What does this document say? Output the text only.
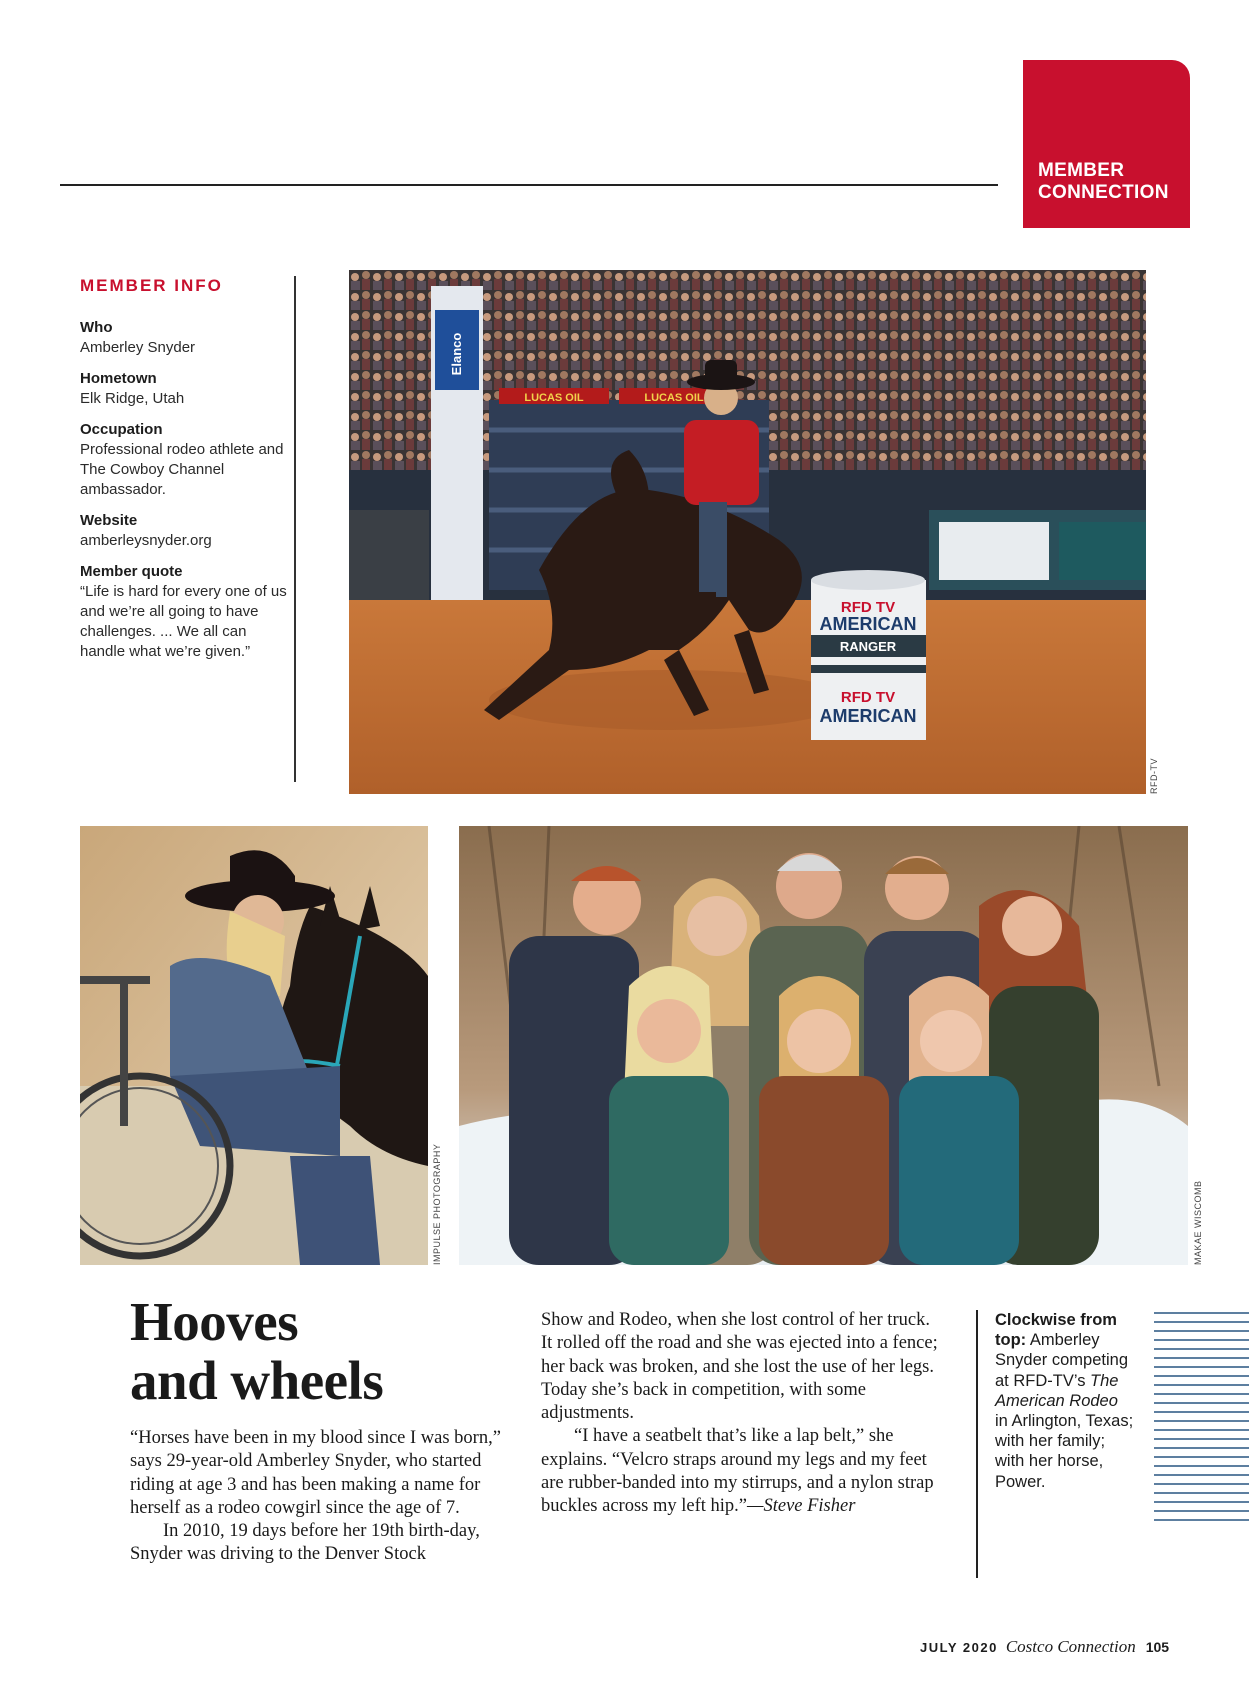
MEMBER
CONNECTION
MEMBER INFO
Who
Amberley Snyder
Hometown
Elk Ridge, Utah
Occupation
Professional rodeo athlete and The Cowboy Channel ambassador.
Website
amberleysnyder.org
Member quote
“Life is hard for every one of us and we’re all going to have challenges. ... We all can handle what we’re given.”
LUCAS OIL	LUCAS OIL
Elanco
RFD TV
AMERICAN
RANGER
RFD TV
AMERICAN
RFD-TV
IMPULSE PHOTOGRAPHY	MAKAE WISCOMB
Hooves
and wheels

“Horses have been in my blood since I was born,” says 29-year-old Amberley Snyder, who started riding at age 3 and has been making a name for herself as a rodeo cowgirl since the age of 7.

In 2010, 19 days before her 19th birth-day, Snyder was driving to the Denver Stock

Show and Rodeo, when she lost control of her truck. It rolled off the road and she was ejected into a fence; her back was broken, and she lost the use of her legs. Today she’s back in competition, with some adjustments.

“I have a seatbelt that’s like a lap belt,” she explains. “Velcro straps around my legs and my feet are rubber-banded into my stirrups, and a nylon strap buckles across my left hip.”—Steve Fisher

Clockwise from top: Amberley Snyder competing at RFD-TV’s The American Rodeo in Arlington, Texas; with her family; with her horse, Power.
JULY 2020 Costco Connection 105
